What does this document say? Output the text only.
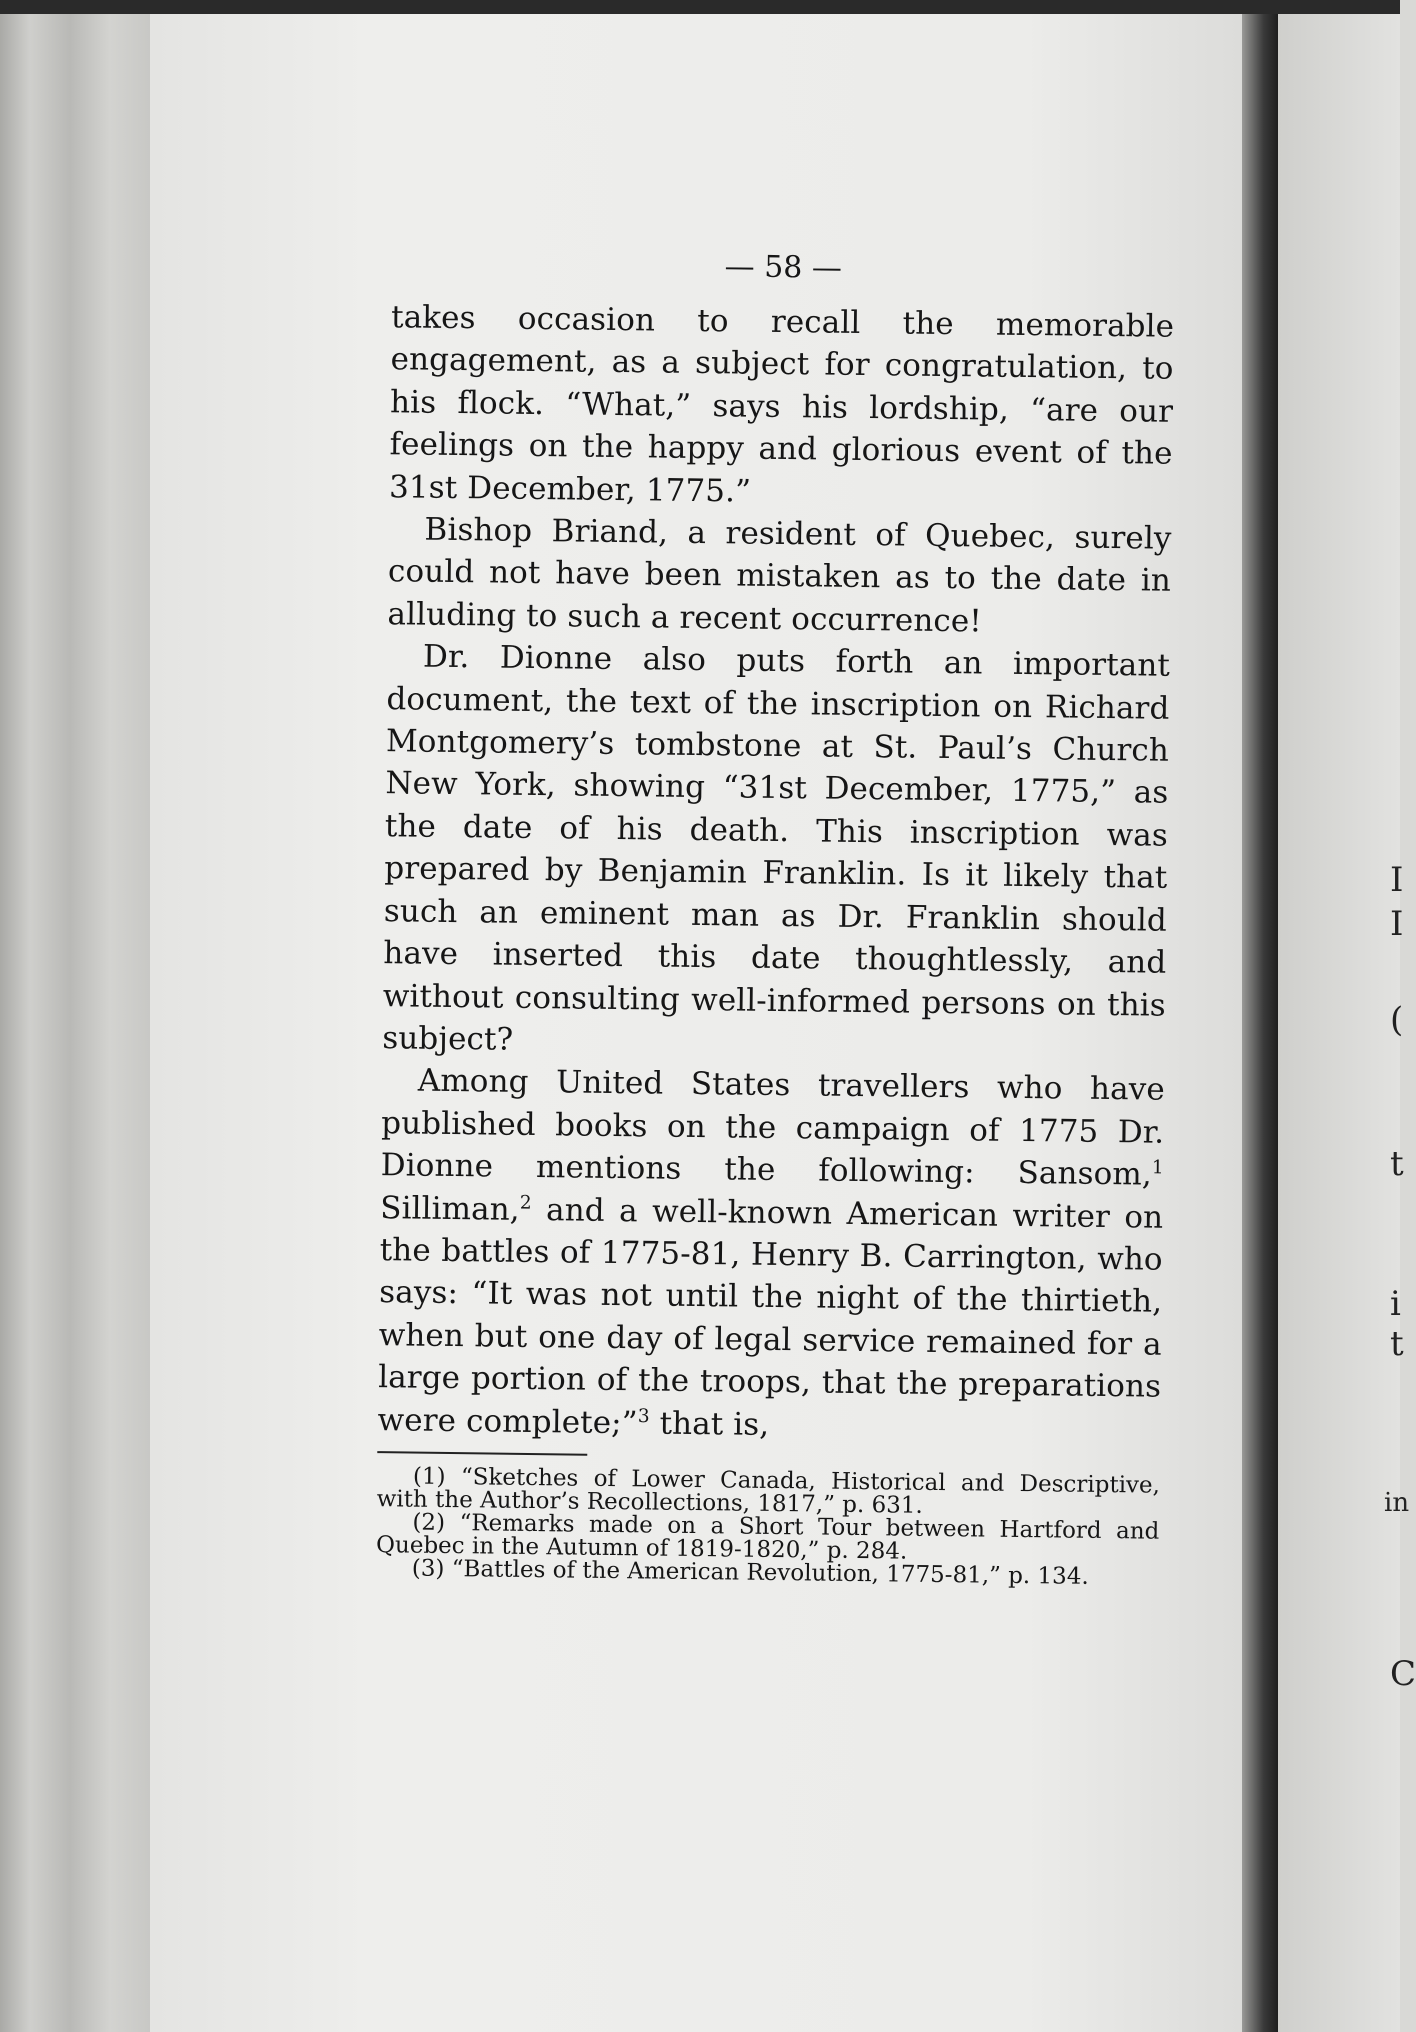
I
I
(
t
i
t
in
C
— 58 —

takes occasion to recall the memorable engagement, as a subject for congratulation, to his flock. “What,” says his lordship, “are our feelings on the happy and glorious event of the 31st December, 1775.”

Bishop Briand, a resident of Quebec, surely could not have been mistaken as to the date in alluding to such a recent occurrence!

Dr. Dionne also puts forth an important document, the text of the inscription on Richard Montgomery’s tombstone at St. Paul’s Church New York, showing “31st December, 1775,” as the date of his death. This inscription was prepared by Benjamin Franklin. Is it likely that such an eminent man as Dr. Franklin should have inserted this date thoughtlessly, and without consulting well-informed persons on this subject?

Among United States travellers who have published books on the campaign of 1775 Dr. Dionne mentions the following: Sansom,$^1$ Silliman,$^2$ and a well-known American writer on the battles of 1775-81, Henry B. Carrington, who says: “It was not until the night of the thirtieth, when but one day of legal service remained for a large portion of the troops, that the preparations were complete;”$^3$ that is,

(1) “Sketches of Lower Canada, Historical and Descriptive, with the Author’s Recollections, 1817,” p. 631.

(2) “Remarks made on a Short Tour between Hartford and Quebec in the Autumn of 1819-1820,” p. 284.

(3) “Battles of the American Revolution, 1775-81,” p. 134.
